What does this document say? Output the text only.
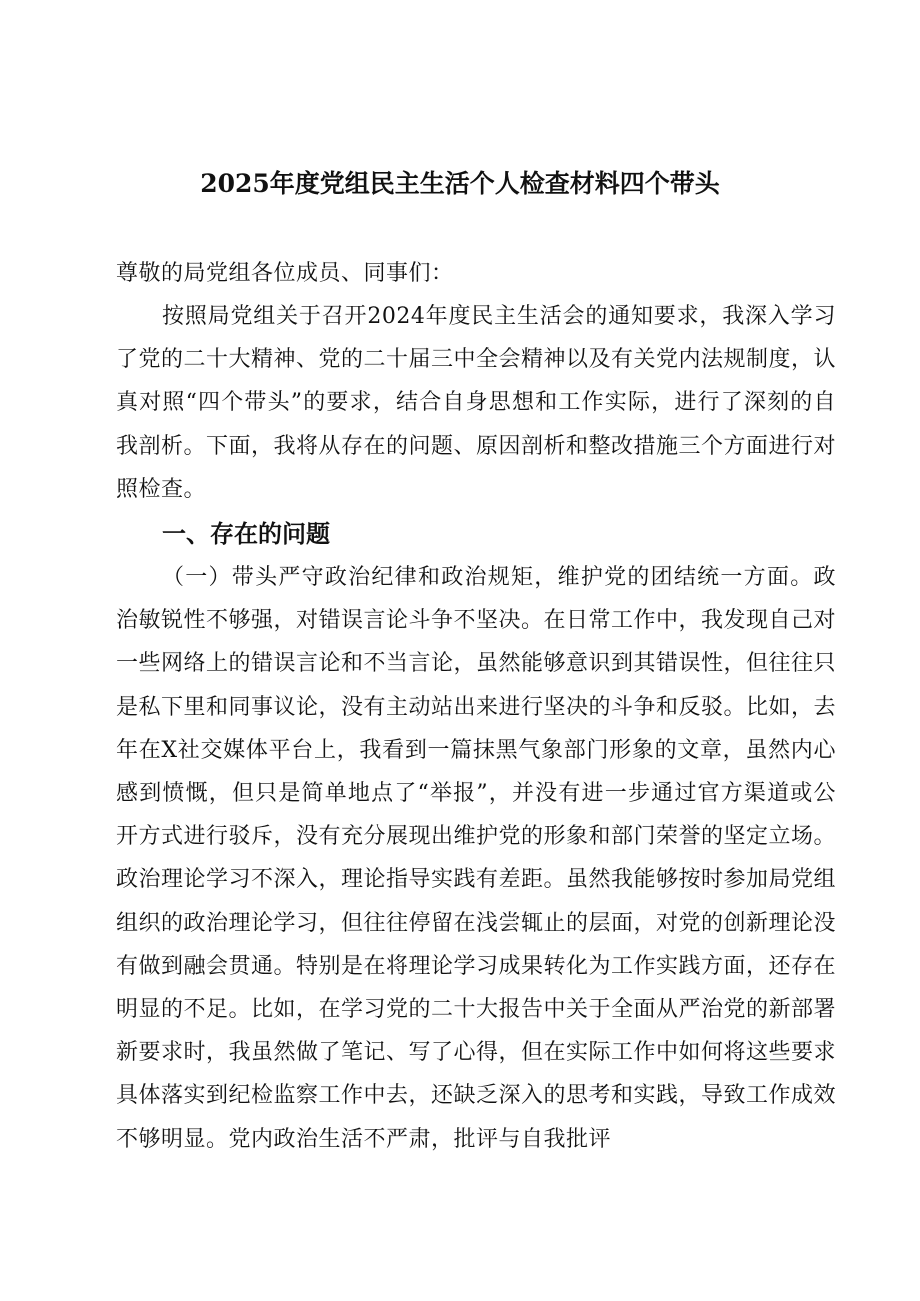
2025年度党组民主生活个人检查材料四个带头

尊敬的局党组各位成员、同事们：

按照局党组关于召开2024年度民主生活会的通知要求，我深入学习了党的二十大精神、党的二十届三中全会精神以及有关党内法规制度，认真对照“四个带头”的要求，结合自身思想和工作实际，进行了深刻的自我剖析。下面，我将从存在的问题、原因剖析和整改措施三个方面进行对照检查。

一、存在的问题

（一）带头严守政治纪律和政治规矩，维护党的团结统一方面。政治敏锐性不够强，对错误言论斗争不坚决。在日常工作中，我发现自己对一些网络上的错误言论和不当言论，虽然能够意识到其错误性，但往往只是私下里和同事议论，没有主动站出来进行坚决的斗争和反驳。比如，去年在X社交媒体平台上，我看到一篇抹黑气象部门形象的文章，虽然内心感到愤慨，但只是简单地点了“举报”，并没有进一步通过官方渠道或公开方式进行驳斥，没有充分展现出维护党的形象和部门荣誉的坚定立场。政治理论学习不深入，理论指导实践有差距。虽然我能够按时参加局党组组织的政治理论学习，但往往停留在浅尝辄止的层面，对党的创新理论没有做到融会贯通。特别是在将理论学习成果转化为工作实践方面，还存在明显的不足。比如，在学习党的二十大报告中关于全面从严治党的新部署新要求时，我虽然做了笔记、写了心得，但在实际工作中如何将这些要求具体落实到纪检监察工作中去，还缺乏深入的思考和实践，导致工作成效不够明显。党内政治生活不严肃，批评与自我批评
